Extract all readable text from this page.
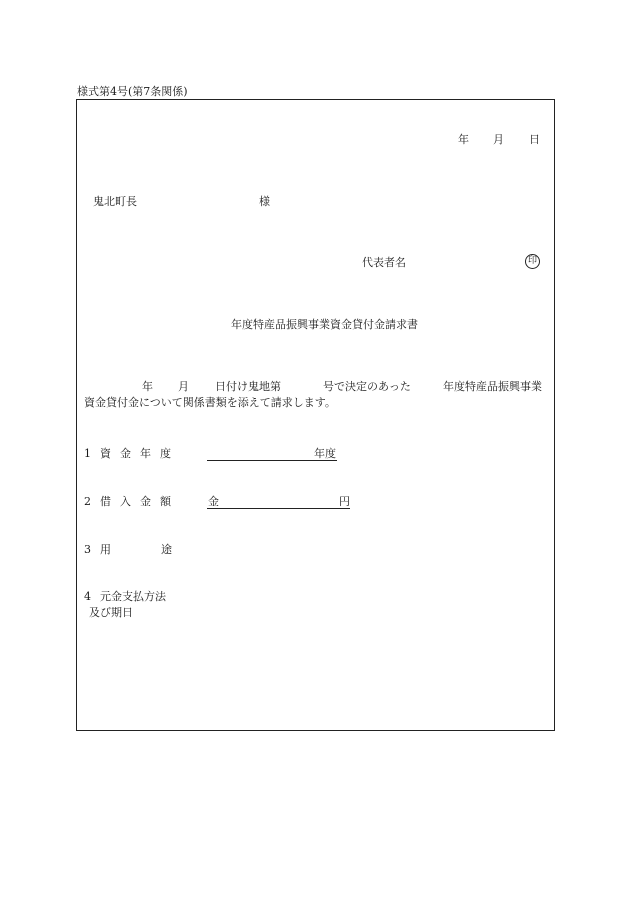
様式第4号(第7条関係)
年 月 日
鬼北町長	様
代表者名	印
年度特産品振興事業資金貸付金請求書
年 月 日付け鬼地第	号で決定のあった	年度特産品振興事業
資金貸付金について関係書類を添えて請求します。
1 資金年度	年度
2 借入金額	金	円
3 用途
4 元金支払方法
及び期日
